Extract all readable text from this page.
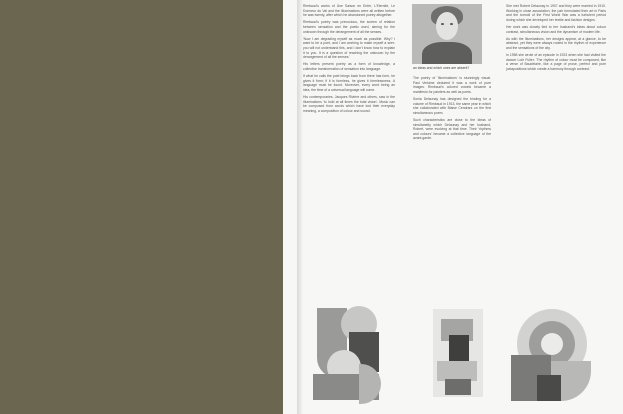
Rimbaud's works of Une Saison en Enfer, L'Eternité, Le Dormeur du Val and the Illuminations were all written before he was twenty, after which he abandoned poetry altogether.

Rimbaud's poetry was precocious, the screen of relation between sensation and the poetic word, aiming for the unknown through the derangement of all the senses.

'Now I am degrading myself as much as possible. Why? I want to be a poet, and I am working to make myself a seer: you will not understand this, and I don't know how to explain it to you. It is a question of reaching the unknown by the derangement of all the senses.'

His letters present poetry as a form of knowledge, a collective transformation of sensation into language.

If what he calls the poet brings back from there has form, he gives it form; if it is formless, he gives it formlessness. A language must be found. Moreover, every word being an idea, the time of a universal language will come.

His contemporaries, Jacques Rivière and others, saw in the Illuminations 'to hold at all times the total vision'. Music can be composed from words which have lost their everyday meaning, a composition of colour and sound.

an ideas and which ones are absent?

The poetry of 'Illuminations' is stunningly visual. Paul Verlaine declared it was a work of pure images. Rimbaud's colored vowels became a manifesto for painters as well as poets.

Sonia Delaunay has designed the binding for a volume of Rimbaud in 1913, the same year in which she collaborated with Blaise Cendrars on the first simultaneous poem.

Such characteristics are close to the ideas of simultaneity which Delaunay and her husband, Robert, were evolving at that time. Their 'rhythms and colours' became a collective language of the avant-garde.

She met Robert Delaunay in 1907 and they were married in 1910. Working in close association, the pair formulated their art in Paris and the turmoil of the First World War was a turbulent period during which she developed her textile and fashion designs.

Her work was closely tied to her husband's ideas about colour contrast, simultaneous vision and the dynamism of modern life.

As with the Illuminations, her designs appear, at a glance, to be abstract, yet they were always rooted in the rhythm of experience and the sensations of the city.

In 1958 she wrote of an episode in 1923 when she had visited the dancer Loïe Fuller: 'The rhythm of colour must be composed, like a verse of Baudelaire, like a page of prose, perfect and pure juxtapositions which create a harmony through contrast.'
